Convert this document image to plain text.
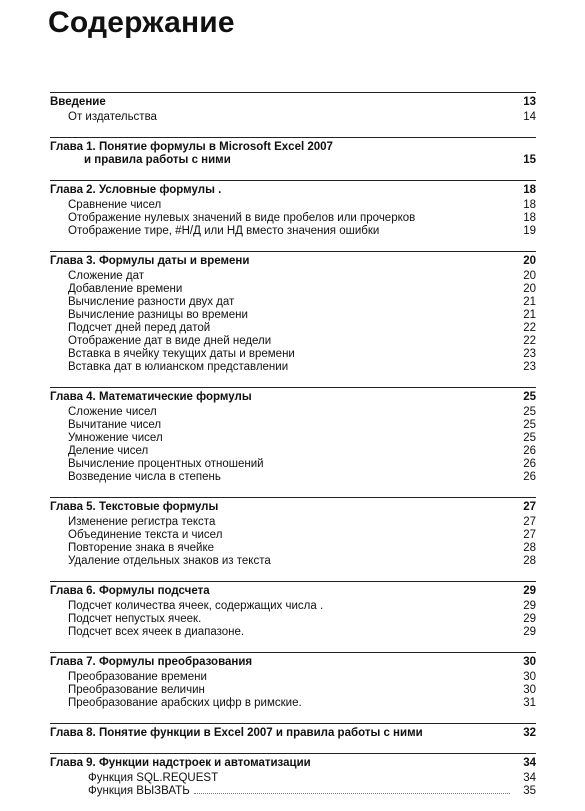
Содержание
Введение	13
От издательства	14
Глава 1. Понятие формулы в Microsoft Excel 2007
и правила работы с ними	15
Глава 2. Условные формулы .	18
Сравнение чисел	18
Отображение нулевых значений в виде пробелов или прочерков	18
Отображение тире, #Н/Д или НД вместо значения ошибки	19
Глава 3. Формулы даты и времени	20
Сложение дат	20
Добавление времени	20
Вычисление разности двух дат	21
Вычисление разницы во времени	21
Подсчет дней перед датой	22
Отображение дат в виде дней недели	22
Вставка в ячейку текущих даты и времени	23
Вставка дат в юлианском представлении	23
Глава 4. Математические формулы	25
Сложение чисел	25
Вычитание чисел	25
Умножение чисел	25
Деление чисел	26
Вычисление процентных отношений	26
Возведение числа в степень	26
Глава 5. Текстовые формулы	27
Изменение регистра текста	27
Объединение текста и чисел	27
Повторение знака в ячейке	28
Удаление отдельных знаков из текста	28
Глава 6. Формулы подсчета	29
Подсчет количества ячеек, содержащих числа .	29
Подсчет непустых ячеек.	29
Подсчет всех ячеек в диапазоне.	29
Глава 7. Формулы преобразования	30
Преобразование времени	30
Преобразование величин	30
Преобразование арабских цифр в римские.	31
Глава 8. Понятие функции в Excel 2007 и правила работы с ними	32
Глава 9. Функции надстроек и автоматизации	34
Функция SQL.REQUEST	34
Функция ВЫЗВАТЬ	35
